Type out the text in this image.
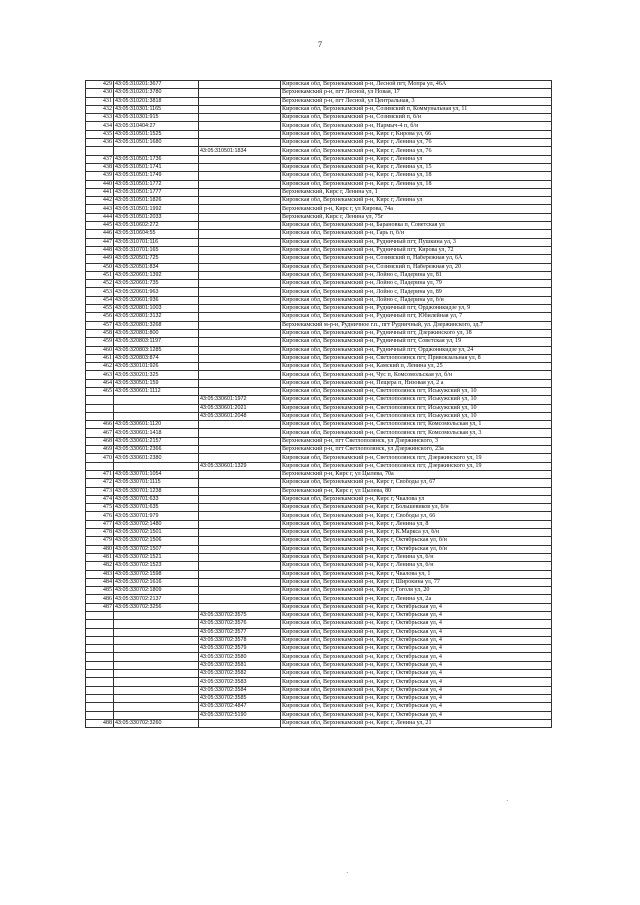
7
429	43:05:310201:3677		Кировская обл, Верхнекамский р-н, Лесной пгт, Мопра ул, 46А
430	43:05:310201:3780		Верхнекамский р-н, пгт Лесной, ул Новая, 17
431	43:05:310201:3818		Верхнекамский р-н, пгт Лесной, ул Центральная, 3
432	43:05:310301:1165		Кировская обл, Верхнекамский р-н, Созимский п, Коммунальная ул, 11
433	43:05:310301:915		Кировская обл, Верхнекамский р-н, Созимский п, б/н
434	43:05:310404:27		Кировская обл, Верхнекамский р-н, Нармыч-4 п, б/н
435	43:05:310501:1525		Кировская обл, Верхнекамский р-н, Кирс г, Кирова ул, 66
436	43:05:310501:1680		Кировская обл, Верхнекамский р-н, Кирс г, Ленина ул, 76
		43:05:310501:1834	Кировская обл, Верхнекамский р-н, Кирс г, Ленина ул, 76
437	43:05:310501:1736		Кировская обл, Верхнекамский р-н, Кирс г, Ленина ул
438	43:05:310501:1741		Кировская обл, Верхнекамский р-н, Кирс г, Ленина ул, 15
439	43:05:310501:1749		Кировская обл, Верхнекамский р-н, Кирс г, Ленина ул, 18
440	43:05:310501:1772		Кировская обл, Верхнекамский р-н, Кирс г, Ленина ул, 18
441	43:05:310501:1777		Верхнекамский, Кирс г, Ленина ул, 1
442	43:05:310501:1826		Кировская обл, Верхнекамский р-н, Кирс г, Ленина ул
443	43:05:310501:1992		Верхнекамский р-н, Кирс г, ул Кирова, 74а
444	43:05:310501:2033		Верхнекамский, Кирс г, Ленина ул, 75г
445	43:05:310602:272		Кировская обл, Верхнекамский р-н, Барановка п, Советская ул
446	43:05:310604:55		Кировская обл, Верхнекамский р-н, Гарь п, б/н
447	43:05:310701:116		Кировская обл, Верхнекамский р-н, Рудничный пгт, Пушкина ул, 3
448	43:05:310701:165		Кировская обл, Верхнекамский р-н, Рудничный пгт, Кирова ул, 72
449	43:05:320501:725		Кировская обл, Верхнекамский р-н, Созимский п, Набережная ул, 6А
450	43:05:320501:834		Кировская обл, Верхнекамский р-н, Созимский п, Набережная ул, 20
451	43:05:320601:1392		Кировская обл, Верхнекамский р-н, Лойно с, Падерина ул, 81
452	43:05:320601:735		Кировская обл, Верхнекамский р-н, Лойно с, Падерина ул, 79
453	43:05:320601:963		Кировская обл, Верхнекамский р-н, Лойно с, Падерина ул, 89
454	43:05:320601:936		Кировская обл, Верхнекамский р-н, Лойно с, Падерина ул, б/н
455	43:05:320801:1003		Кировская обл, Верхнекамский р-н, Рудничный пгт, Орджоникидзе ул, 9
456	43:05:320801:3132		Кировская обл, Верхнекамский р-н, Рудничный пгт, Юбилейная ул, 7
457	43:05:320801:3268		Верхнекамский м-р-н, Рудничное г.п., пгт Рудничный, ул. Дзержинского, зд.7
458	43:05:320801:800		Кировская обл, Верхнекамский р-н, Рудничный пгт, Дзержинского ул, 18
459	43:05:320803:1197		Кировская обл, Верхнекамский р-н, Рудничный пгт, Советская ул, 19
460	43:05:320803:1285		Кировская обл, Верхнекамский р-н, Рудничный пгт, Орджоникидзе ул, 24
461	43:05:320803:874		Кировская обл, Верхнекамский р-н, Светлополянск пгт, Привокзальная ул, 8
462	43:05:330101:926		Кировская обл, Верхнекамский р-н, Камский п, Ленина ул, 25
463	43:05:330201:325		Кировская обл, Верхнекамский р-н, Чус п, Комсомольская ул, б/н
464	43:05:330501:159		Кировская обл, Верхнекамский р-н, Пещера п, Низовая ул, 2 а
465	43:05:330601:1112		Кировская обл, Верхнекамский р-н, Светлополянск пгт, Иськужский ул, 10
		43:05:330601:1972	Кировская обл, Верхнекамский р-н, Светлополянск пгт, Иськужский ул, 10
		43:05:330601:2021	Кировская обл, Верхнекамский р-н, Светлополянск пгт, Иськужский ул, 10
		43:05:330601:2048	Кировская обл, Верхнекамский р-н, Светлополянск пгт, Иськужский ул, 10
466	43:05:330601:1120		Кировская обл, Верхнекамский р-н, Светлополянск пгт, Комсомольская ул, 1
467	43:05:330601:1418		Кировская обл, Верхнекамский р-н, Светлополянск пгт, Комсомольская ул, 3
468	43:05:330601:2157		Верхнекамский р-н, пгт Светлополянск, ул Дзержинского, 3
469	43:05:330601:2366		Верхнекамский р-н, пгт Светлополянск, ул Дзержинского, 23а
470	43:05:330601:2380		Кировская обл, Верхнекамский р-н, Светлополянск пгт, Дзержинского ул, 19
		43:05:330601:1329	Кировская обл, Верхнекамский р-н, Светлополянск пгт, Дзержинского ул, 19
471	43:05:330701:1054		Верхнекамский р-н, Кирс г, ул Цылева, 70а
472	43:05:330701:1115		Кировская обл, Верхнекамский р-н, Кирс г, Свободы ул, 67
473	43:05:330701:1238		Верхнекамский р-н, Кирс г, ул Цылева, 80
474	43:05:330701:633		Кировская обл, Верхнекамский р-н, Кирс г, Чкалова ул
475	43:05:330701:635		Кировская обл, Верхнекамский р-н, Кирс г, Большевиков ул, б/н
476	43:05:330701:979		Кировская обл, Верхнекамский р-н, Кирс г, Свободы ул, 66
477	43:05:330702:1480		Кировская обл, Верхнекамский р-н, Кирс г, Ленина ул, 8
478	43:05:330702:1501		Кировская обл, Верхнекамский р-н, Кирс г, К.Маркса ул, б/н
479	43:05:330702:1506		Кировская обл, Верхнекамский р-н, Кирс г, Октябрьская ул, б/н
480	43:05:330702:1507		Кировская обл, Верхнекамский р-н, Кирс г, Октябрьская ул, б/н
481	43:05:330702:1521		Кировская обл, Верхнекамский р-н, Кирс г, Ленина ул, б/н
482	43:05:330702:1523		Кировская обл, Верхнекамский р-н, Кирс г, Ленина ул, б/н
483	43:05:330702:1598		Кировская обл, Верхнекамский р-н, Кирс г, Чкалова ул, 1
484	43:05:330702:1616		Кировская обл, Верхнекамский р-н, Кирс г, Широкина ул, 77
485	43:05:330702:1809		Кировская обл, Верхнекамский р-н, Кирс г, Гоголя ул, 20
486	43:05:330702:2137		Кировская обл, Верхнекамский р-н, Кирс г, Ленина ул, 2а
487	43:05:330702:3256		Кировская обл, Верхнекамский р-н, Кирс г, Октябрьская ул, 4
		43:05:330702:3575	Кировская обл, Верхнекамский р-н, Кирс г, Октябрьская ул, 4
		43:05:330702:3576	Кировская обл, Верхнекамский р-н, Кирс г, Октябрьская ул, 4
		43:05:330702:3577	Кировская обл, Верхнекамский р-н, Кирс г, Октябрьская ул, 4
		43:05:330702:3578	Кировская обл, Верхнекамский р-н, Кирс г, Октябрьская ул, 4
		43:05:330702:3579	Кировская обл, Верхнекамский р-н, Кирс г, Октябрьская ул, 4
		43:05:330702:3580	Кировская обл, Верхнекамский р-н, Кирс г, Октябрьская ул, 4
		43:05:330702:3581	Кировская обл, Верхнекамский р-н, Кирс г, Октябрьская ул, 4
		43:05:330702:3582	Кировская обл, Верхнекамский р-н, Кирс г, Октябрьская ул, 4
		43:05:330702:3583	Кировская обл, Верхнекамский р-н, Кирс г, Октябрьская ул, 4
		43:05:330702:3584	Кировская обл, Верхнекамский р-н, Кирс г, Октябрьская ул, 4
		43:05:330702:3585	Кировская обл, Верхнекамский р-н, Кирс г, Октябрьская ул, 4
		43:05:330702:4847	Кировская обл, Верхнекамский р-н, Кирс г, Октябрьская ул, 4
		43:05:330702:5190	Кировская обл, Верхнекамский р-н, Кирс г, Октябрьская ул, 4
488	43:05:330702:3260		Кировская обл, Верхнекамский р-н, Кирс г, Ленина ул, 21
·
·
